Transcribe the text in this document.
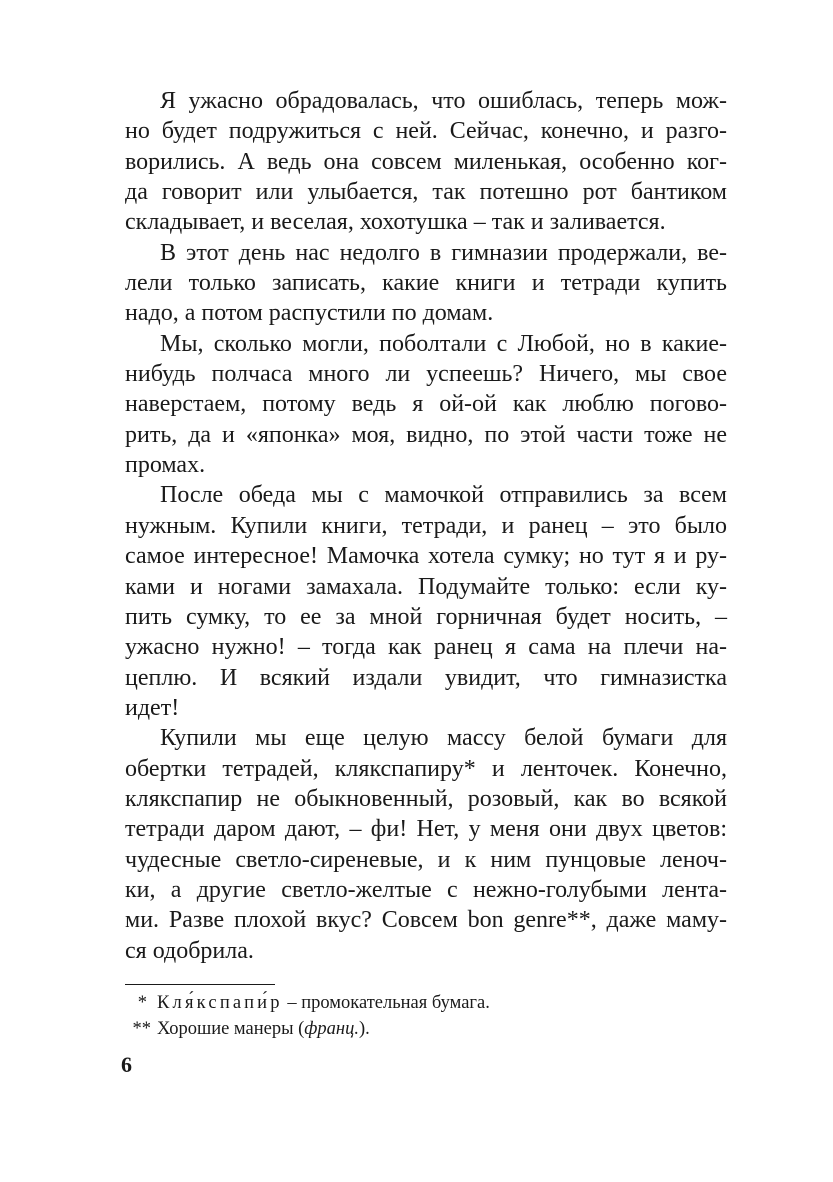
Я ужасно обрадовалась, что ошиблась, теперь мож-
но будет подружиться с ней. Сейчас, конечно, и разго-
ворились. А ведь она совсем миленькая, особенно ког-
да говорит или улыбается, так потешно рот бантиком
складывает, и веселая, хохотушка – так и заливается.
В этот день нас недолго в гимназии продержали, ве-
лели только записать, какие книги и тетради купить
надо, а потом распустили по домам.
Мы, сколько могли, поболтали с Любой, но в какие-
нибудь полчаса много ли успеешь? Ничего, мы свое
наверстаем, потому ведь я ой-ой как люблю погово-
рить, да и «японка» моя, видно, по этой части тоже не
промах.
После обеда мы с мамочкой отправились за всем
нужным. Купили книги, тетради, и ранец – это было
самое интересное! Мамочка хотела сумку; но тут я и ру-
ками и ногами замахала. Подумайте только: если ку-
пить сумку, то ее за мной горничная будет носить, –
ужасно нужно! – тогда как ранец я сама на плечи на-
цеплю. И всякий издали увидит, что гимназистка
идет!
Купили мы еще целую массу белой бумаги для
обертки тетрадей, клякспапиру* и ленточек. Конечно,
клякспапир не обыкновенный, розовый, как во всякой
тетради даром дают, – фи! Нет, у меня они двух цветов:
чудесные светло-сиреневые, и к ним пунцовые леноч-
ки, а другие светло-желтые с нежно-голубыми лента-
ми. Разве плохой вкус? Совсем bon genre**, даже маму-
ся одобрила.
* Кля́кспапи́р – промокательная бумага.
** Хорошие манеры (франц.).
6
